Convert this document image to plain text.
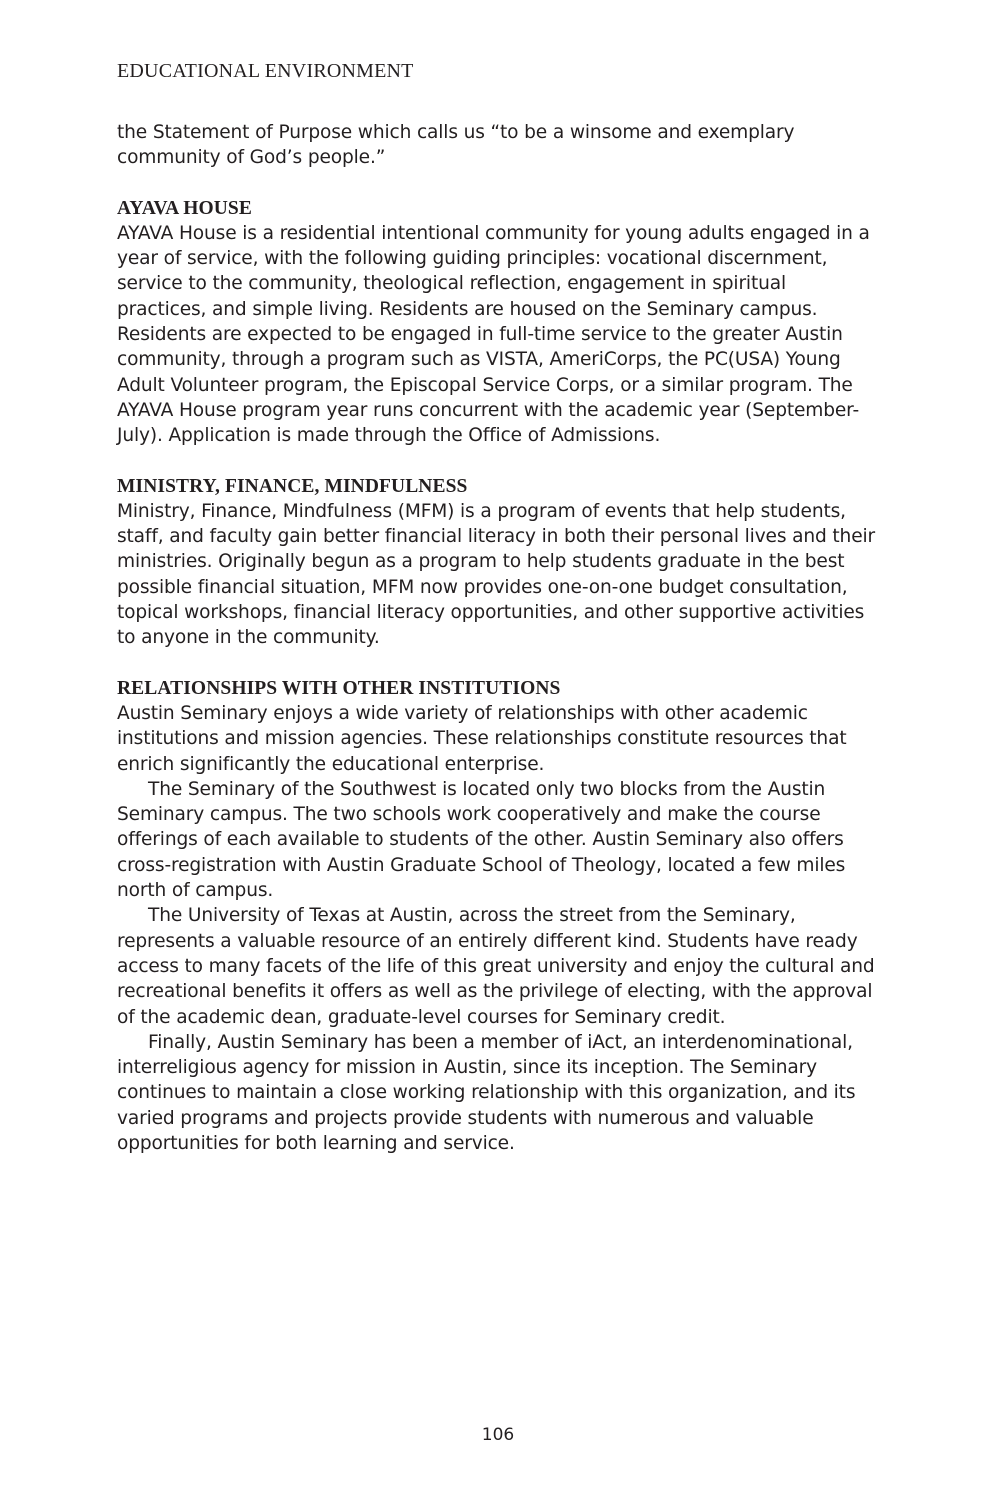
EDUCATIONAL ENVIRONMENT

the Statement of Purpose which calls us “to be a winsome and exemplary community of God’s people.”

AYAVA HOUSE

AYAVA House is a residential intentional community for young adults engaged in a year of service, with the following guiding principles: vocational discernment, service to the community, theological reflection, engagement in spiritual practices, and simple living. Residents are housed on the Seminary campus. Residents are expected to be engaged in full-time service to the greater Austin community, through a program such as VISTA, AmeriCorps, the PC(USA) Young Adult Volunteer program, the Episcopal Service Corps, or a similar program. The AYAVA House program year runs concurrent with the academic year (September-July). Application is made through the Office of Admissions.

MINISTRY, FINANCE, MINDFULNESS

Ministry, Finance, Mindfulness (MFM) is a program of events that help students, staff, and faculty gain better financial literacy in both their personal lives and their ministries. Originally begun as a program to help students graduate in the best possible financial situation, MFM now provides one-on-one budget consultation, topical workshops, financial literacy opportunities, and other supportive activities to anyone in the community.

RELATIONSHIPS WITH OTHER INSTITUTIONS

Austin Seminary enjoys a wide variety of relationships with other academic institutions and mission agencies. These relationships constitute resources that enrich significantly the educational enterprise.

The Seminary of the Southwest is located only two blocks from the Austin Seminary campus. The two schools work cooperatively and make the course offerings of each available to students of the other. Austin Seminary also offers cross-registration with Austin Graduate School of Theology, located a few miles north of campus.

The University of Texas at Austin, across the street from the Seminary, represents a valuable resource of an entirely different kind. Students have ready access to many facets of the life of this great university and enjoy the cultural and recreational benefits it offers as well as the privilege of electing, with the approval of the academic dean, graduate-level courses for Seminary credit.

Finally, Austin Seminary has been a member of iAct, an interdenominational, interreligious agency for mission in Austin, since its inception. The Seminary continues to maintain a close working relationship with this organization, and its varied programs and projects provide students with numerous and valuable opportunities for both learning and service.

106
